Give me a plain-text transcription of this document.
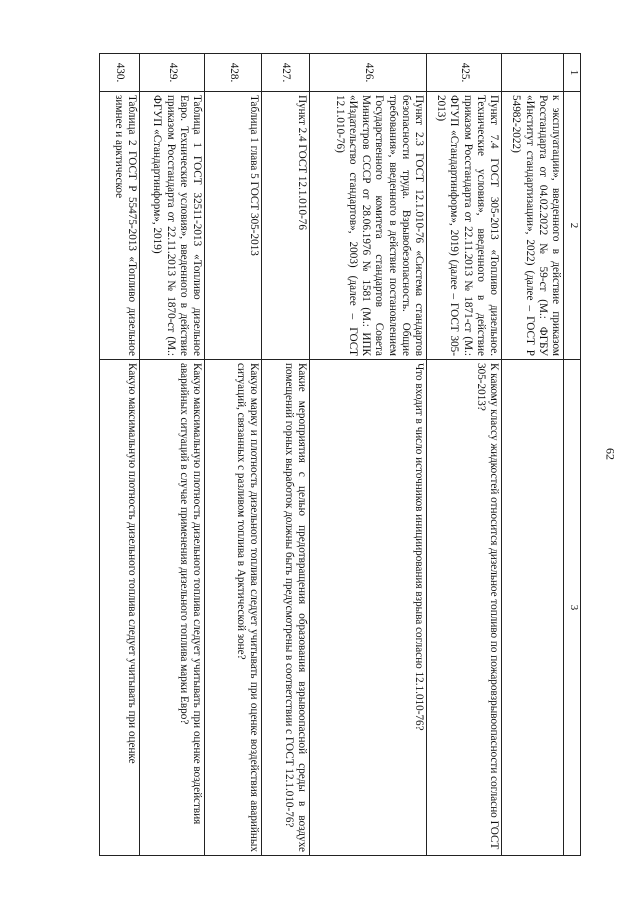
62
1	2	3
	к эксплуатации», введенного в действие приказом Росстандарта от 04.02.2022 № 59-ст (М.: ФГБУ «Институт стандартизации», 2022) (далее – ГОСТ Р 54982-2022)	
425.	Пункт 7.4 ГОСТ 305-2013 «Топливо дизельное. Технические условия», введенного в действие приказом Росстандарта от 22.11.2013 № 1871-ст (М.: ФГУП «Стандартинформ», 2019) (далее – ГОСТ 305-2013)	К какому классу жидкостей относится дизельное топливо по пожаровзрывоопасности согласно ГОСТ 305-2013?
426.	Пункт 2.3 ГОСТ 12.1.010-76 «Система стандартов безопасности труда. Взрывобезопасность. Общие требования», введенного в действие постановлением Государственного комитета стандартов Совета Министров СССР от 28.06.1976 № 1581 (М.: ИПК «Издательство стандартов», 2003) (далее – ГОСТ 12.1.010-76)	Что входит в число источников инициирования взрыва согласно 12.1.010-76?
427.	Пункт 2.4 ГОСТ 12.1.010-76	Какие мероприятия с целью предотвращения образования взрывоопасной среды в воздухе помещений горных выработок должны быть предусмотрены в соответствии с ГОСТ 12.1.010-76?
428.	Таблица 1 глава 5 ГОСТ 305-2013	Какую марку и плотность дизельного топлива следует учитывать при оценке воздействия аварийных ситуаций, связанных с разливом топлива в Арктической зоне?
429.	Таблица 1 ГОСТ 32511-2013 «Топливо дизельное Евро. Технические условия», введенного в действие приказом Росстандарта от 22.11.2013 № 1870-ст (М.: ФГУП «Стандартинформ», 2019)	Какую максимальную плотность дизельного топлива следует учитывать при оценке воздействия аварийных ситуаций в случае применения дизельного топлива марки Евро?
430.	Таблица 2 ГОСТ Р 55475-2013 «Топливо дизельное зимнее и арктическое	Какую максимальную плотность дизельного топлива следует учитывать при оценке
